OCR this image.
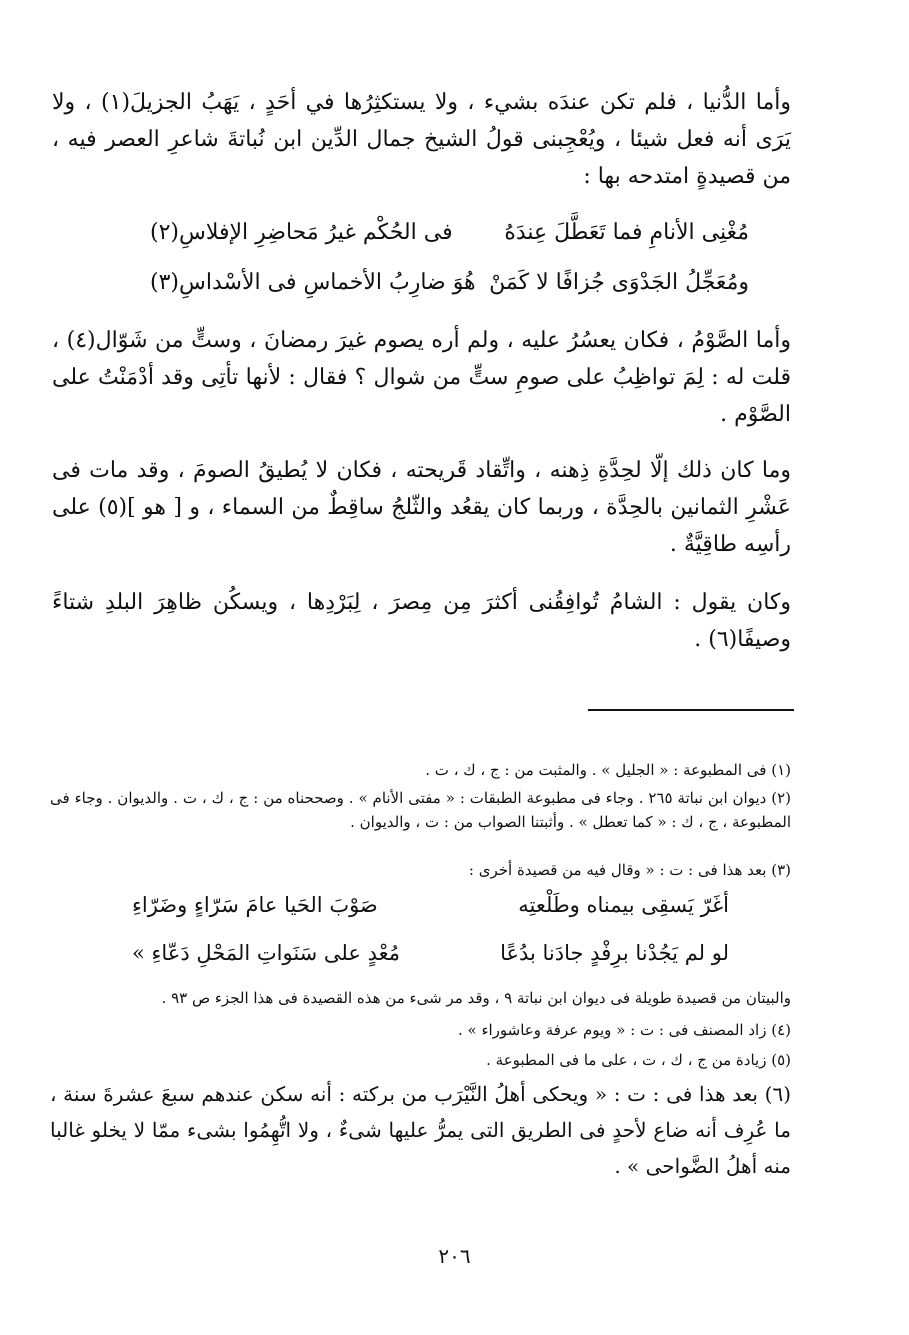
وأما الدُّنيا ، فلم تكن عندَه بشيء ، ولا يستكثِرُها في أحَدٍ ، يَهَبُ الجزيلَ(١) ، ولا يَرَى أنه فعل شيئا ، ويُعْجِبنى قولُ الشيخ جمال الدِّين ابن نُباتةَ شاعرِ العصر فيه ، من قصيدةٍ امتدحه بها :

مُغْنِى الأنامِ فما تَعَطَّلَ عِندَهُ
فى الحُكْم غيرُ مَحاضِرِ الإفلاسِ(٢)
ومُعَجِّلُ الجَدْوَى جُزافًا لا كَمَنْ
هُوَ ضارِبُ الأخماسِ فى الأسْداسِ(٣)

وأما الصَّوْمُ ، فكان يعسُرُ عليه ، ولم أره يصوم غيرَ رمضانَ ، وستٍّ من شَوّال(٤) ، قلت له : لِمَ تواظِبُ على صومِ ستٍّ من شوال ؟ فقال : لأنها تأتِى وقد أدْمَنْتُ على الصَّوْم .

وما كان ذلك إلّا لحِدَّةِ ذِهنه ، واتِّقاد قَريحته ، فكان لا يُطيقُ الصومَ ، وقد مات فى عَشْرِ الثمانين بالحِدَّة ، وربما كان يقعُد والثّلجُ ساقِطٌ من السماء ، و [ هو ](٥) على رأسِه طاقِيَّةٌ .

وكان يقول : الشامُ تُوافِقُنى أكثرَ مِن مِصرَ ، لِبَرْدِها ، ويسكُن ظاهِرَ البلدِ شتاءً وصيفًا(٦) .

(١) فى المطبوعة : « الجليل » . والمثبت من : ج ، ك ، ت .

(٢) ديوان ابن نباتة ٢٦٥ . وجاء فى مطبوعة الطبقات : « مفتى الأنام » . وصححناه من : ج ، ك ، ت . والديوان . وجاء فى المطبوعة ، ج ، ك : « كما تعطل » . وأثبتنا الصواب من : ت ، والديوان .

(٣) بعد هذا فى : ت : « وقال فيه من قصيدة أخرى :

أغَرّ يَسقِى بيمناه وطَلْعتِه
صَوْبَ الحَيا عامَ سَرّاءٍ وضَرّاءِ
لو لم يَجُدْنا برِفْدٍ جادَنا بدُعًا
مُعْدٍ على سَنَواتِ المَحْلِ دَعّاءِ »

والبيتان من قصيدة طويلة فى ديوان ابن نباتة ٩ ، وقد مر شىء من هذه القصيدة فى هذا الجزء ص ٩٣ .

(٤) زاد المصنف فى : ت : « ويوم عرفة وعاشوراء » .

(٥) زيادة من ج ، ك ، ت ، على ما فى المطبوعة .

(٦) بعد هذا فى : ت : « ويحكى أهلُ النَّيْرَب من بركته : أنه سكن عندهم سبعَ عشرةَ سنة ، ما عُرِف أنه ضاع لأحدٍ فى الطريق التى يمرُّ عليها شىءٌ ، ولا اتُّهِمُوا بشىء ممّا لا يخلو غالبا منه أهلُ الضَّواحى » .

٢٠٦
